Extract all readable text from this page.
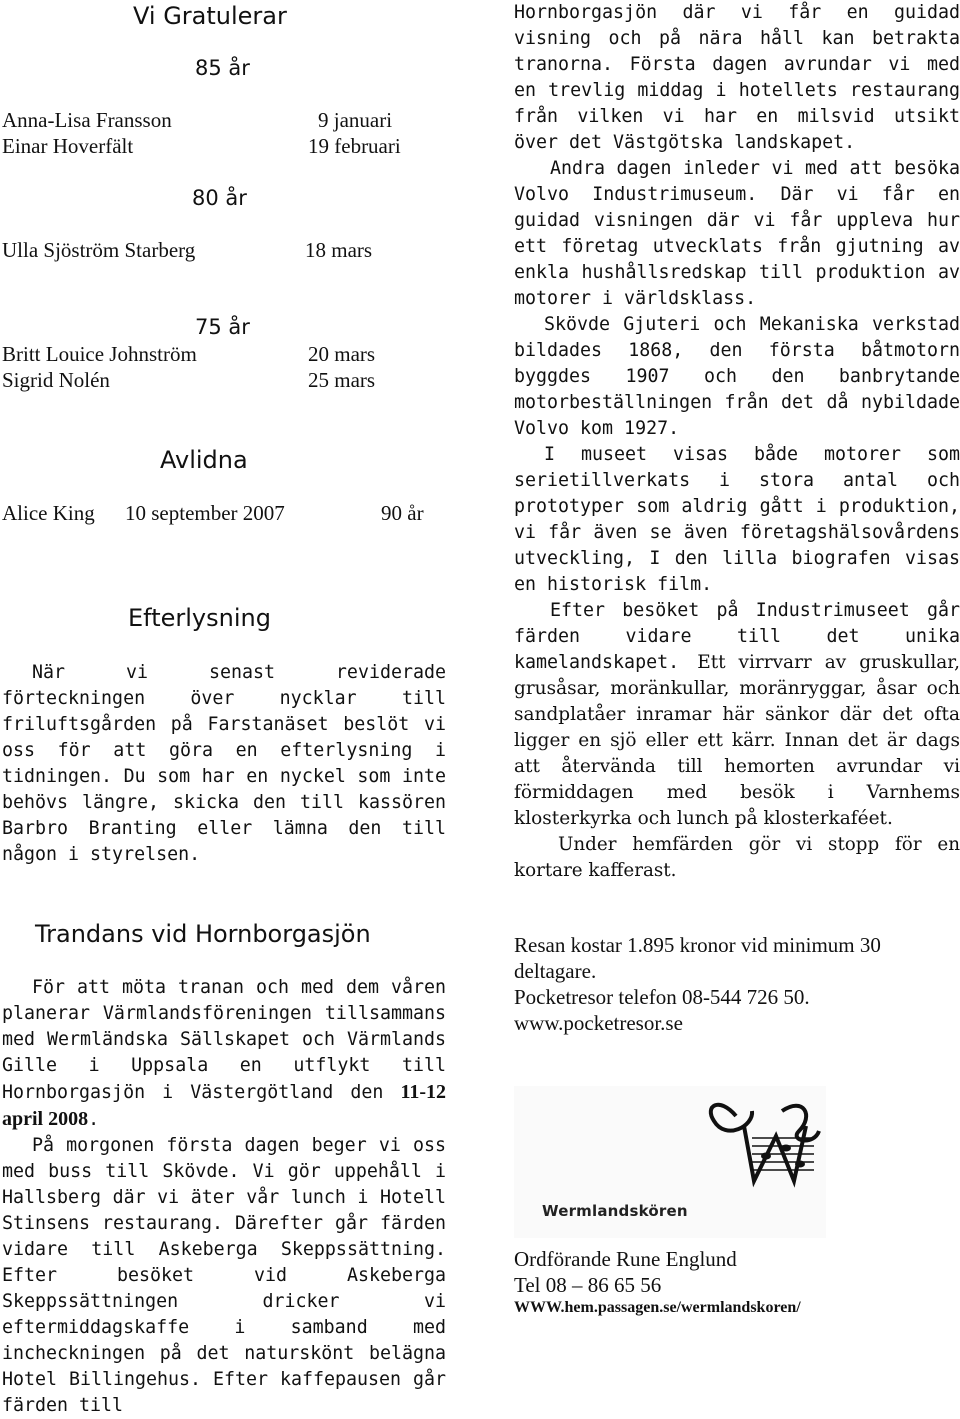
Vi Gratulerar
85 år
Anna-Lisa Fransson	9 januari
Einar Hoverfält	19 februari
80 år
Ulla Sjöström Starberg	18 mars
75 år
Britt Louice Johnström	20 mars
Sigrid Nolén	25 mars
Avlidna
Alice King 10 september 2007	90 år
Efterlysning

När vi senast reviderade förteckningen över nycklar till friluftsgården på Farstanäset beslöt vi oss för att göra en efterlysning i tidningen. Du som har en nyckel som inte behövs längre, skicka den till kassören Barbro Branting eller lämna den till någon i styrelsen.

Trandans vid Hornborgasjön

För att möta tranan och med dem våren planerar Värmlandsföreningen tillsammans med Wermländska Sällskapet och Värmlands Gille i Uppsala en utflykt till Hornborgasjön i Västergötland den 11-12 april 2008.

På morgonen första dagen beger vi oss med buss till Skövde. Vi gör uppehåll i Hallsberg där vi äter vår lunch i Hotell Stinsens restaurang. Därefter går färden vidare till Askeberga Skeppssättning. Efter besöket vid Askeberga Skeppssättningen dricker vi eftermiddagskaffe i samband med incheckningen på det naturskönt belägna Hotel Billingehus. Efter kaffepausen går färden till

Hornborgasjön där vi får en guidad visning och på nära håll kan betrakta tranorna. Första dagen avrundar vi med en trevlig middag i hotellets restaurang från vilken vi har en milsvid utsikt över det Västgötska landskapet.

Andra dagen inleder vi med att besöka Volvo Industrimuseum. Där vi får en guidad visningen där vi får uppleva hur ett företag utvecklats från gjutning av enkla hushållsredskap till produktion av motorer i världsklass.

Skövde Gjuteri och Mekaniska verkstad bildades 1868, den första båtmotorn byggdes 1907 och den banbrytande motorbeställningen från det då nybildade Volvo kom 1927.

I museet visas både motorer som serietillverkats i stora antal och prototyper som aldrig gått i produktion, vi får även se även företagshälsovårdens utveckling, I den lilla biografen visas en historisk film.

Efter besöket på Industrimuseet går färden vidare till det unika kamelandskapet. Ett virrvarr av gruskullar, grusåsar, moränkullar, moränryggar, åsar och sandplatåer inramar här sänkor där det ofta ligger en sjö eller ett kärr. Innan det är dags att återvända till hemorten avrundar vi förmiddagen med besök i Varnhems klosterkyrka och lunch på klosterkaféet.

Under hemfärden gör vi stopp för en kortare kafferast.

Resan kostar 1.895 kronor vid minimum 30 deltagare.
Pocketresor telefon 08-544 726 50.
www.pocketresor.se
Wermlandskören
Ordförande Rune Englund
Tel 08 – 86 65 56
WWW.hem.passagen.se/wermlandskoren/
